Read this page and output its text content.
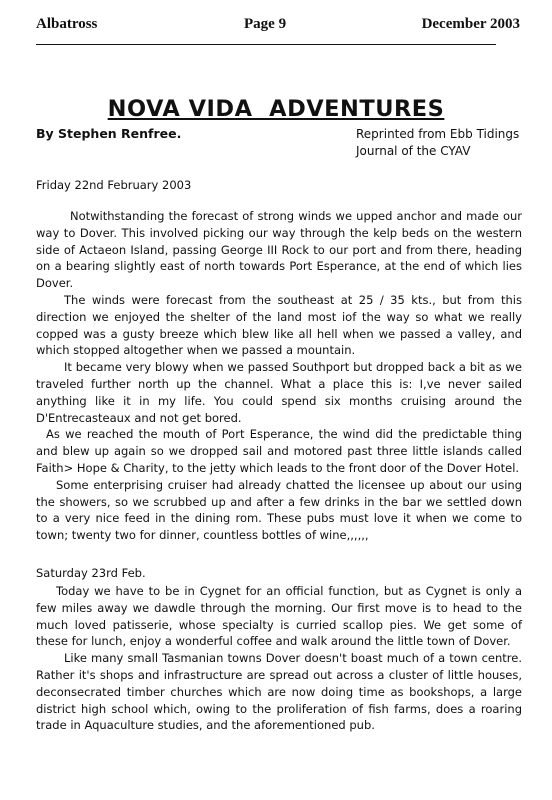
Albatross	Page 9	December 2003
NOVA VIDA  ADVENTURES
By Stephen Renfree.	Reprinted from Ebb Tidings
Journal of the CYAV
Friday 22nd February 2003

Notwithstanding the forecast of strong winds we upped anchor and made our way to Dover. This involved picking our way through the kelp beds on the western side of Actaeon Island, passing George III Rock to our port and from there, heading on a bearing slightly east of north towards Port Esperance, at the end of which lies Dover.

The winds were forecast from the southeast at 25 / 35 kts., but from this direction we enjoyed the shelter of the land most iof the way so what we really copped was a gusty breeze which blew like all hell when we passed a valley, and which stopped altogether when we passed a mountain.

It became very blowy when we passed Southport but dropped back a bit as we traveled further north up the channel. What a place this is: I,ve never sailed anything like it in my life. You could spend six months cruising around the D'Entrecasteaux and not get bored.

As we reached the mouth of Port Esperance, the wind did the predictable thing and blew up again so we dropped sail and motored past three little islands called Faith> Hope & Charity, to the jetty which leads to the front door of the Dover Hotel.

Some enterprising cruiser had already chatted the licensee up about our using the showers, so we scrubbed up and after a few drinks in the bar we settled down to a very nice feed in the dining rom. These pubs must love it when we come to town; twenty two for dinner, countless bottles of wine,,,,,,

Saturday 23rd Feb.

Today we have to be in Cygnet for an official function, but as Cygnet is only a few miles away we dawdle through the morning. Our first move is to head to the much loved patisserie, whose specialty is curried scallop pies. We get some of these for lunch, enjoy a wonderful coffee and walk around the little town of Dover.

Like many small Tasmanian towns Dover doesn't boast much of a town centre. Rather it's shops and infrastructure are spread out across a cluster of little houses, deconsecrated timber churches which are now doing time as bookshops, a large district high school which, owing to the proliferation of fish farms, does a roaring trade in Aquaculture studies, and the aforementioned pub.
